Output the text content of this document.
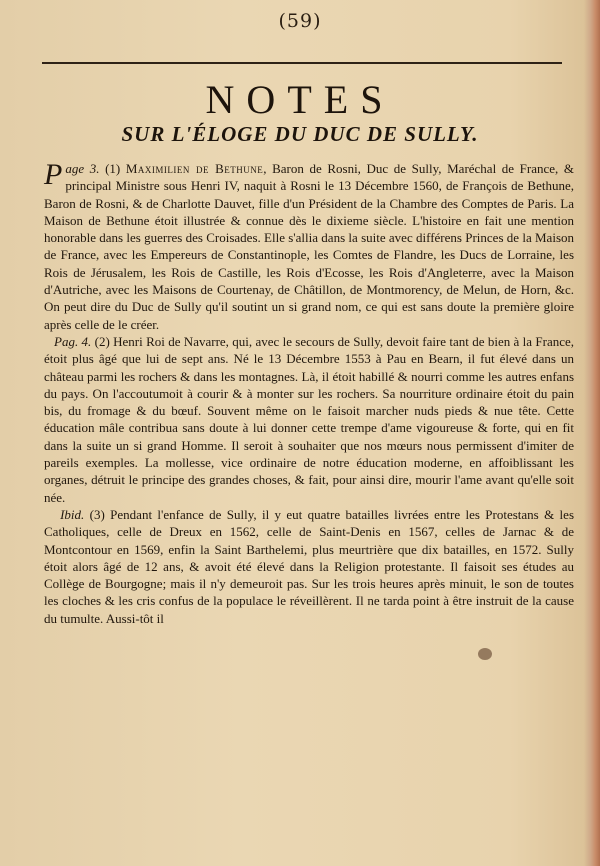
(59)
NOTES
SUR L'ÉLOGE DU DUC DE SULLY.

Page 3. (1) Maximilien de Bethune, Baron de Rosni, Duc de Sully, Maréchal de France, & principal Ministre sous Henri IV, naquit à Rosni le 13 Décembre 1560, de François de Bethune, Baron de Rosni, & de Charlotte Dauvet, fille d'un Président de la Chambre des Comptes de Paris. La Maison de Bethune étoit illustrée & connue dès le dixieme siècle. L'histoire en fait une mention honorable dans les guerres des Croisades. Elle s'allia dans la suite avec différens Princes de la Maison de France, avec les Empereurs de Constantinople, les Comtes de Flandre, les Ducs de Lorraine, les Rois de Jérusalem, les Rois de Castille, les Rois d'Ecosse, les Rois d'Angleterre, avec la Maison d'Autriche, avec les Maisons de Courtenay, de Châtillon, de Montmorency, de Melun, de Horn, &c. On peut dire du Duc de Sully qu'il soutint un si grand nom, ce qui est sans doute la première gloire après celle de le créer.

Pag. 4. (2) Henri Roi de Navarre, qui, avec le secours de Sully, devoit faire tant de bien à la France, étoit plus âgé que lui de sept ans. Né le 13 Décembre 1553 à Pau en Bearn, il fut élevé dans un château parmi les rochers & dans les montagnes. Là, il étoit habillé & nourri comme les autres enfans du pays. On l'accoutumoit à courir & à monter sur les rochers. Sa nourriture ordinaire étoit du pain bis, du fromage & du bœuf. Souvent même on le faisoit marcher nuds pieds & nue tête. Cette éducation mâle contribua sans doute à lui donner cette trempe d'ame vigoureuse & forte, qui en fit dans la suite un si grand Homme. Il seroit à souhaiter que nos mœurs nous permissent d'imiter de pareils exemples. La mollesse, vice ordinaire de notre éducation moderne, en affoiblissant les organes, détruit le principe des grandes choses, & fait, pour ainsi dire, mourir l'ame avant qu'elle soit née.

Ibid. (3) Pendant l'enfance de Sully, il y eut quatre batailles livrées entre les Protestans & les Catholiques, celle de Dreux en 1562, celle de Saint-Denis en 1567, celles de Jarnac & de Montcontour en 1569, enfin la Saint Barthelemi, plus meurtrière que dix batailles, en 1572. Sully étoit alors âgé de 12 ans, & avoit été élevé dans la Religion protestante. Il faisoit ses études au Collège de Bourgogne; mais il n'y demeuroit pas. Sur les trois heures après minuit, le son de toutes les cloches & les cris confus de la populace le réveillèrent. Il ne tarda point à être instruit de la cause du tumulte. Aussi-tôt il
